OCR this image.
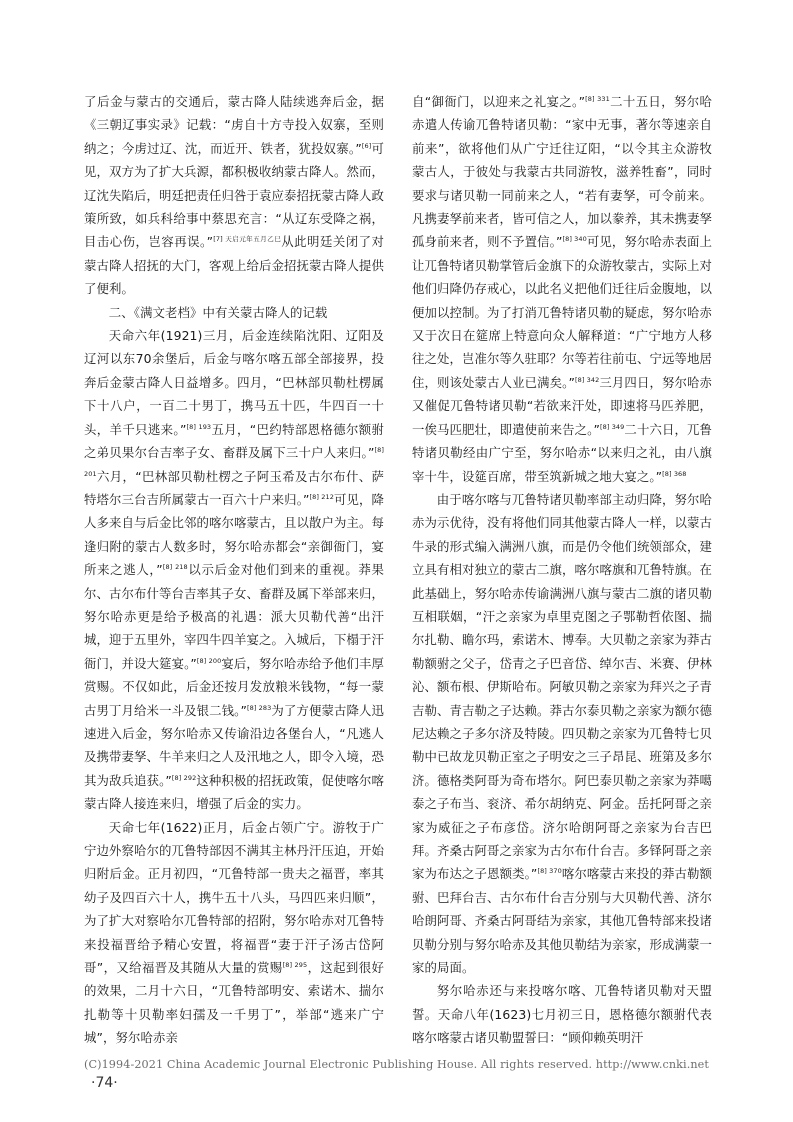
了后金与蒙古的交通后，蒙古降人陆续逃奔后金，据《三朝辽事实录》记载：“虏自十方寺投入奴寨，至则纳之；今虏过辽、沈，而近开、铁者，犹投奴寨。”[6]可见，双方为了扩大兵源，都积极收纳蒙古降人。然而，辽沈失陷后，明廷把责任归咎于袁应泰招抚蒙古降人政策所致，如兵科给事中蔡思充言：“从辽东受降之祸，目击心伤，岂容再误。”$^{[7] 天启元年五月乙巳}$从此明廷关闭了对蒙古降人招抚的大门，客观上给后金招抚蒙古降人提供了便利。

二、《满文老档》中有关蒙古降人的记载

天命六年(1921)三月，后金连续陷沈阳、辽阳及辽河以东70余堡后，后金与喀尔喀五部全部接界，投奔后金蒙古降人日益增多。四月，“巴林部贝勒杜楞属下十八户，一百二十男丁，携马五十匹，牛四百一十头，羊千只逃来。”$^{[8] 193}$五月，“巴约特部恩格德尔额驸之弟贝果尔台吉率子女、畜群及属下三十户人来归。”$^{[8] 201}$六月，“巴林部贝勒杜楞之子阿玉希及古尔布什、萨特塔尔三台吉所属蒙古一百六十户来归。”$^{[8] 212}$可见，降人多来自与后金比邻的喀尔喀蒙古，且以散户为主。每逢归附的蒙古人数多时，努尔哈赤都会“亲御衙门，宴所来之逃人，”$^{[8] 218}$以示后金对他们到来的重视。莽果尔、古尔布什等台吉率其子女、畜群及属下举部来归，努尔哈赤更是给予极高的礼遇：派大贝勒代善“出汗城，迎于五里外，宰四牛四羊宴之。入城后，下榻于汗衙门，并设大筵宴。”$^{[8] 200}$宴后，努尔哈赤给予他们丰厚赏赐。不仅如此，后金还按月发放粮米钱物，“每一蒙古男丁月给米一斗及银二钱。”$^{[8] 283}$为了方便蒙古降人迅速进入后金，努尔哈赤又传谕沿边各堡台人，“凡逃人及携带妻孥、牛羊来归之人及汛地之人，即令入境，恐其为敌兵追获。”$^{[8] 292}$这种积极的招抚政策，促使喀尔喀蒙古降人接连来归，增强了后金的实力。

天命七年(1622)正月，后金占领广宁。游牧于广宁边外察哈尔的兀鲁特部因不满其主林丹汗压迫，开始归附后金。正月初四，“兀鲁特部一贵夫之福晋，率其幼子及四百六十人，携牛五十八头，马四匹来归顺”，为了扩大对察哈尔兀鲁特部的招附，努尔哈赤对兀鲁特来投福晋给予精心安置，将福晋“妻于汗子汤古岱阿哥”，又给福晋及其随从大量的赏赐$^{[8] 295}$，这起到很好的效果，二月十六日，“兀鲁特部明安、索诺木、揣尔扎勒等十贝勒率妇孺及一千男丁”，举部“逃来广宁城”，努尔哈赤亲

自“御衙门，以迎来之礼宴之。”$^{[8] 331}$二十五日，努尔哈赤遣人传谕兀鲁特诸贝勒：“家中无事，著尔等速亲自前来”，欲将他们从广宁迁往辽阳，“以令其主众游牧蒙古人，于彼处与我蒙古共同游牧，滋养牲畜”，同时要求与诸贝勒一同前来之人，“若有妻孥，可令前来。凡携妻孥前来者，皆可信之人，加以豢养，其未携妻孥孤身前来者，则不予置信。”$^{[8] 340}$可见，努尔哈赤表面上让兀鲁特诸贝勒掌管后金旗下的众游牧蒙古，实际上对他们归降仍存戒心，以此名义把他们迁往后金腹地，以便加以控制。为了打消兀鲁特诸贝勒的疑虑，努尔哈赤又于次日在筵席上特意向众人解释道：“广宁地方人移往之处，岂准尔等久驻耶？尔等若往前屯、宁远等地居住，则该处蒙古人业已满矣。”$^{[8] 342}$三月四日，努尔哈赤又催促兀鲁特诸贝勒“若欲来汗处，即速将马匹养肥，一俟马匹肥壮，即遣使前来告之。”$^{[8] 349}$二十六日，兀鲁特诸贝勒经由广宁至，努尔哈赤“以来归之礼，由八旗宰十牛，设筵百席，带至筑新城之地大宴之。”$^{[8] 368}$

由于喀尔喀与兀鲁特诸贝勒率部主动归降，努尔哈赤为示优待，没有将他们同其他蒙古降人一样，以蒙古牛录的形式编入满洲八旗，而是仍令他们统领部众，建立具有相对独立的蒙古二旗，喀尔喀旗和兀鲁特旗。在此基础上，努尔哈赤传谕满洲八旗与蒙古二旗的诸贝勒互相联姻，“汗之亲家为卓里克图之子鄂勒哲依图、揣尔扎勒、瞻尔玛，索诺木、博奉。大贝勒之亲家为莽古勒额驸之父子，岱青之子巴音岱、绰尔吉、米赛、伊林沁、额布根、伊斯哈布。阿敏贝勒之亲家为拜兴之子青吉勒、青吉勒之子达赖。莽古尔泰贝勒之亲家为额尔德尼达赖之子多尔济及特陵。四贝勒之亲家为兀鲁特七贝勒中已故龙贝勒正室之子明安之三子昂昆、班第及多尔济。德格类阿哥为奇布塔尔。阿巴泰贝勒之亲家为莽噶泰之子布当、衮济、希尔胡纳克、阿金。岳托阿哥之亲家为威征之子布彦岱。济尔哈朗阿哥之亲家为台吉巴拜。齐桑古阿哥之亲家为古尔布什台吉。多铎阿哥之亲家为布达之子恩额类。”$^{[8] 370}$喀尔喀蒙古来投的莽古勒额驸、巴拜台吉、古尔布什台吉分别与大贝勒代善、济尔哈朗阿哥、齐桑古阿哥结为亲家，其他兀鲁特部来投诸贝勒分别与努尔哈赤及其他贝勒结为亲家，形成满蒙一家的局面。

努尔哈赤还与来投喀尔喀、兀鲁特诸贝勒对天盟誓。天命八年(1623)七月初三日，恩格德尔额驸代表喀尔喀蒙古诸贝勒盟誓曰：“顾仰赖英明汗

(C)1994-2021 China Academic Journal Electronic Publishing House. All rights reserved. http://www.cnki.net
·74·
